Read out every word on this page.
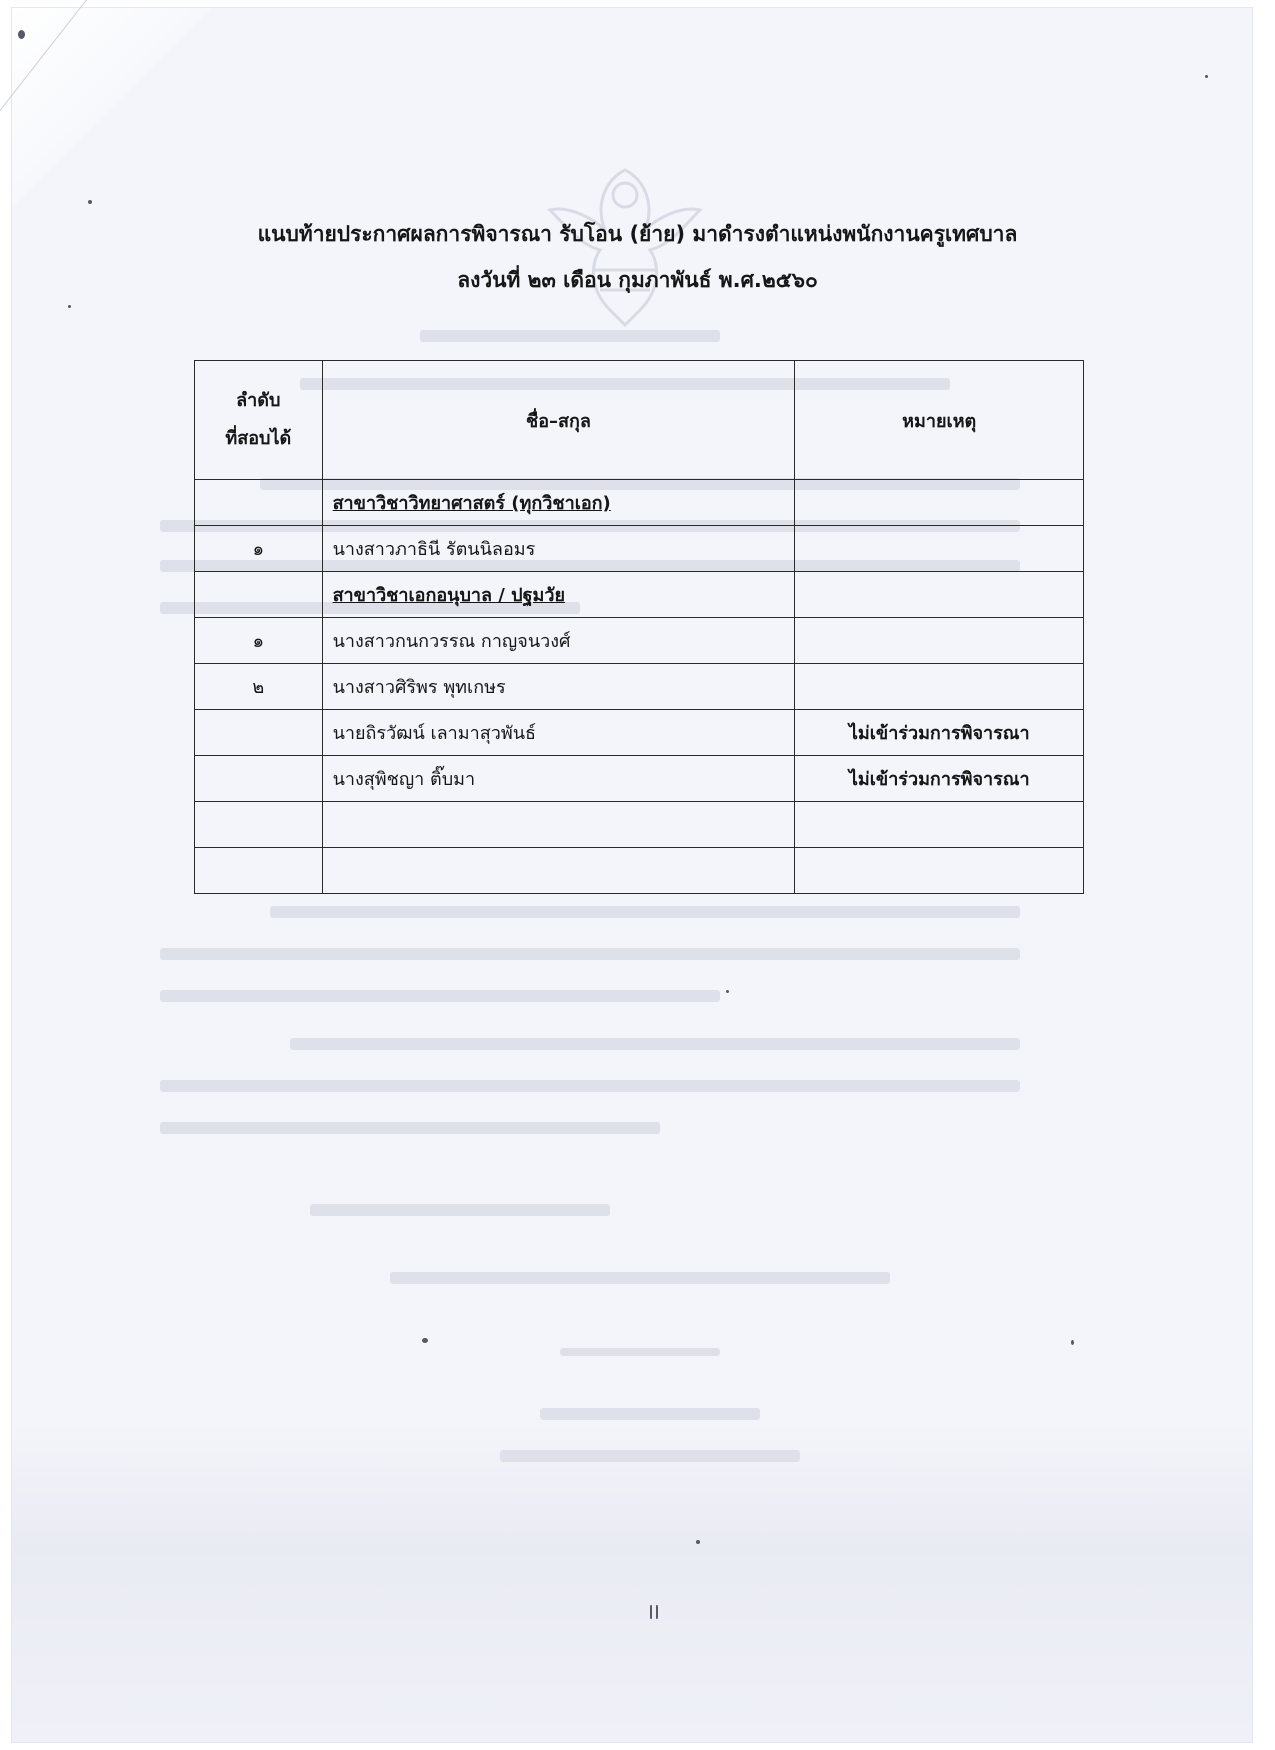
แนบท้ายประกาศผลการพิจารณา รับโอน (ย้าย) มาดำรงตำแหน่งพนักงานครูเทศบาล
ลงวันที่ ๒๓ เดือน กุมภาพันธ์ พ.ศ.๒๕๖๐
ลำดับ
ที่สอบได้	ชื่อ–สกุล	หมายเหตุ
	สาขาวิชาวิทยาศาสตร์ (ทุกวิชาเอก)	
๑	นางสาวภาธินี รัตนนิลอมร	
	สาขาวิชาเอกอนุบาล / ปฐมวัย	
๑	นางสาวกนกวรรณ กาญจนวงศ์	
๒	นางสาวศิริพร พุทเกษร	
	นายถิรวัฒน์ เลามาสุวพันธ์	ไม่เข้าร่วมการพิจารณา
	นางสุพิชญา ติ๊บมา	ไม่เข้าร่วมการพิจารณา
